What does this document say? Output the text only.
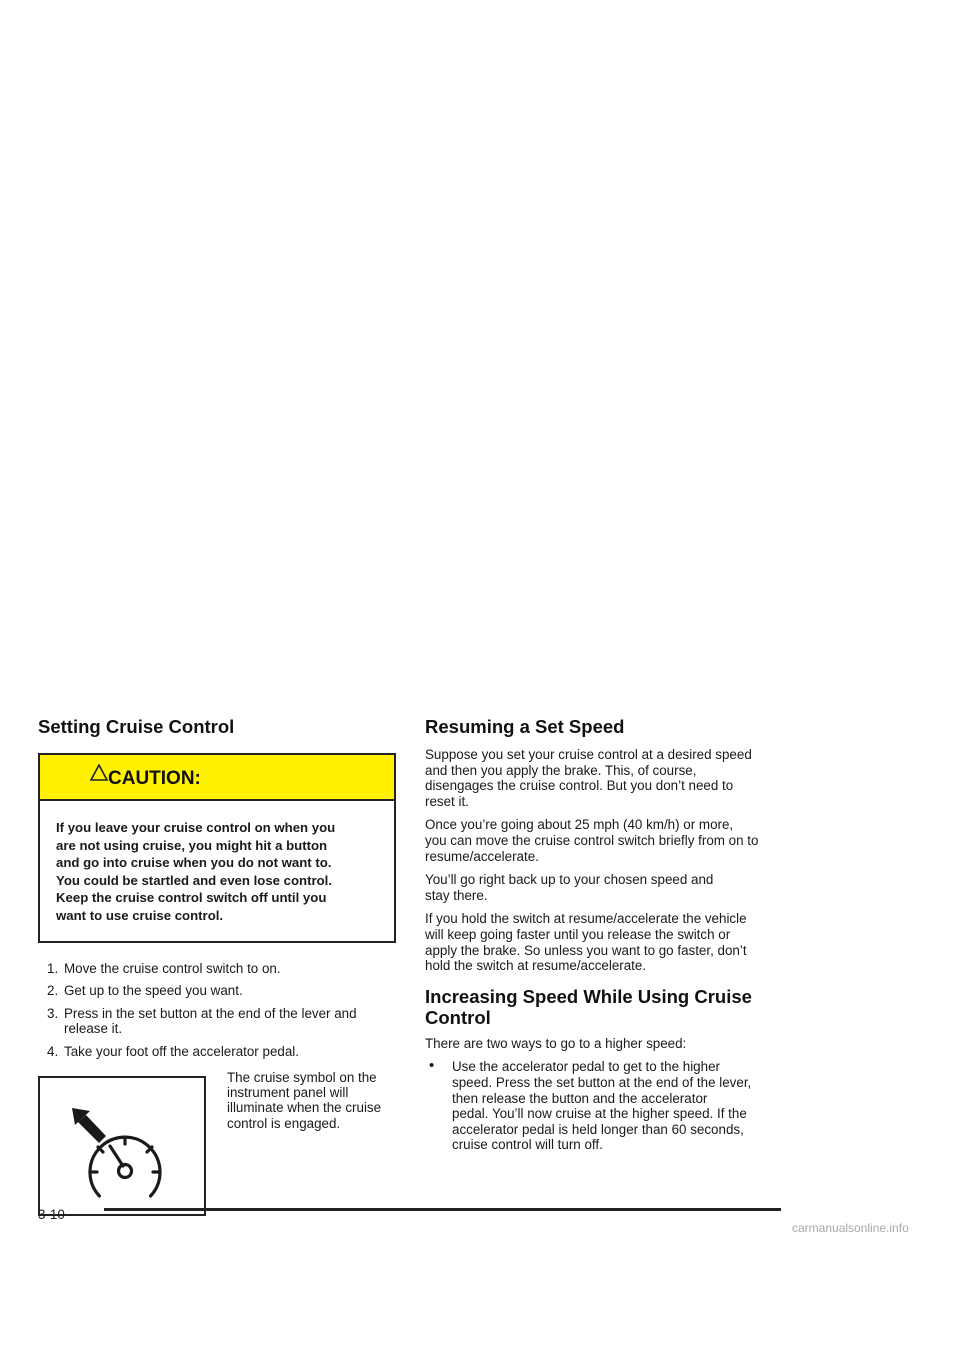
Setting Cruise Control
CAUTION:

If you leave your cruise control on when you
are not using cruise, you might hit a button
and go into cruise when you do not want to.
You could be startled and even lose control.
Keep the cruise control switch off until you
want to use cruise control.

1. Move the cruise control switch to on.
2. Get up to the speed you want.
3. Press in the set button at the end of the lever and release it.
4. Take your foot off the accelerator pedal.

The cruise symbol on the
instrument panel will
illuminate when the cruise
control is engaged.

Resuming a Set Speed

Suppose you set your cruise control at a desired speed
and then you apply the brake. This, of course,
disengages the cruise control. But you don’t need to
reset it.

Once you’re going about 25 mph (40 km/h) or more,
you can move the cruise control switch briefly from on to
resume/accelerate.

You’ll go right back up to your chosen speed and
stay there.

If you hold the switch at resume/accelerate the vehicle
will keep going faster until you release the switch or
apply the brake. So unless you want to go faster, don’t
hold the switch at resume/accelerate.

Increasing Speed While Using Cruise
Control

There are two ways to go to a higher speed:

• Use the accelerator pedal to get to the higher
speed. Press the set button at the end of the lever,
then release the button and the accelerator
pedal. You’ll now cruise at the higher speed. If the
accelerator pedal is held longer than 60 seconds,
cruise control will turn off.

3-10
carmanualsonline.info
